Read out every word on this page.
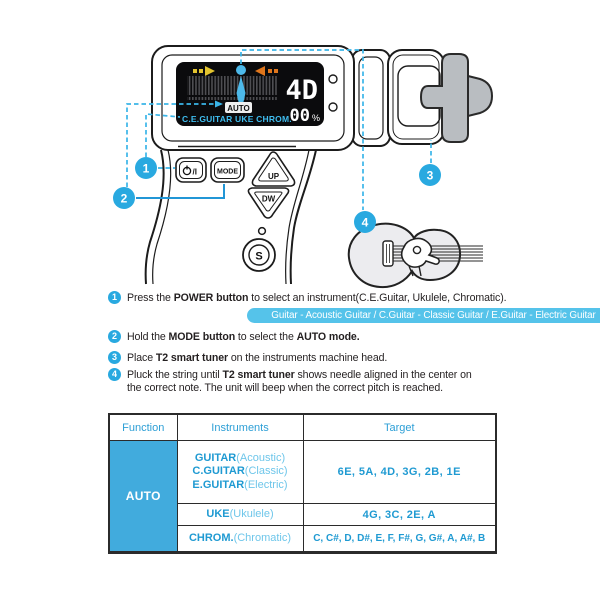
4D
00 %
AUTO
C.E.GUITAR UKE CHROM.
/I	MODE	UP
DW
S
1
2
3
4
1 Press the POWER button to select an instrument(C.E.Guitar, Ukulele, Chromatic).
Guitar - Acoustic Guitar / C.Guitar - Classic Guitar / E.Guitar - Electric Guitar
2 Hold the MODE button to select the AUTO mode.
3 Place T2 smart tuner on the instruments machine head.
4 Pluck the string until T2 smart tuner shows needle aligned in the center on
the correct note. The unit will beep when the correct pitch is reached.
Function	Instruments	Target
AUTO	GUITAR(Acoustic)
C.GUITAR(Classic)
E.GUITAR(Electric)	6E, 5A, 4D, 3G, 2B, 1E
	UKE(Ukulele)	4G, 3C, 2E, A
	CHROM.(Chromatic)	C, C#, D, D#, E, F, F#, G, G#, A, A#, B
